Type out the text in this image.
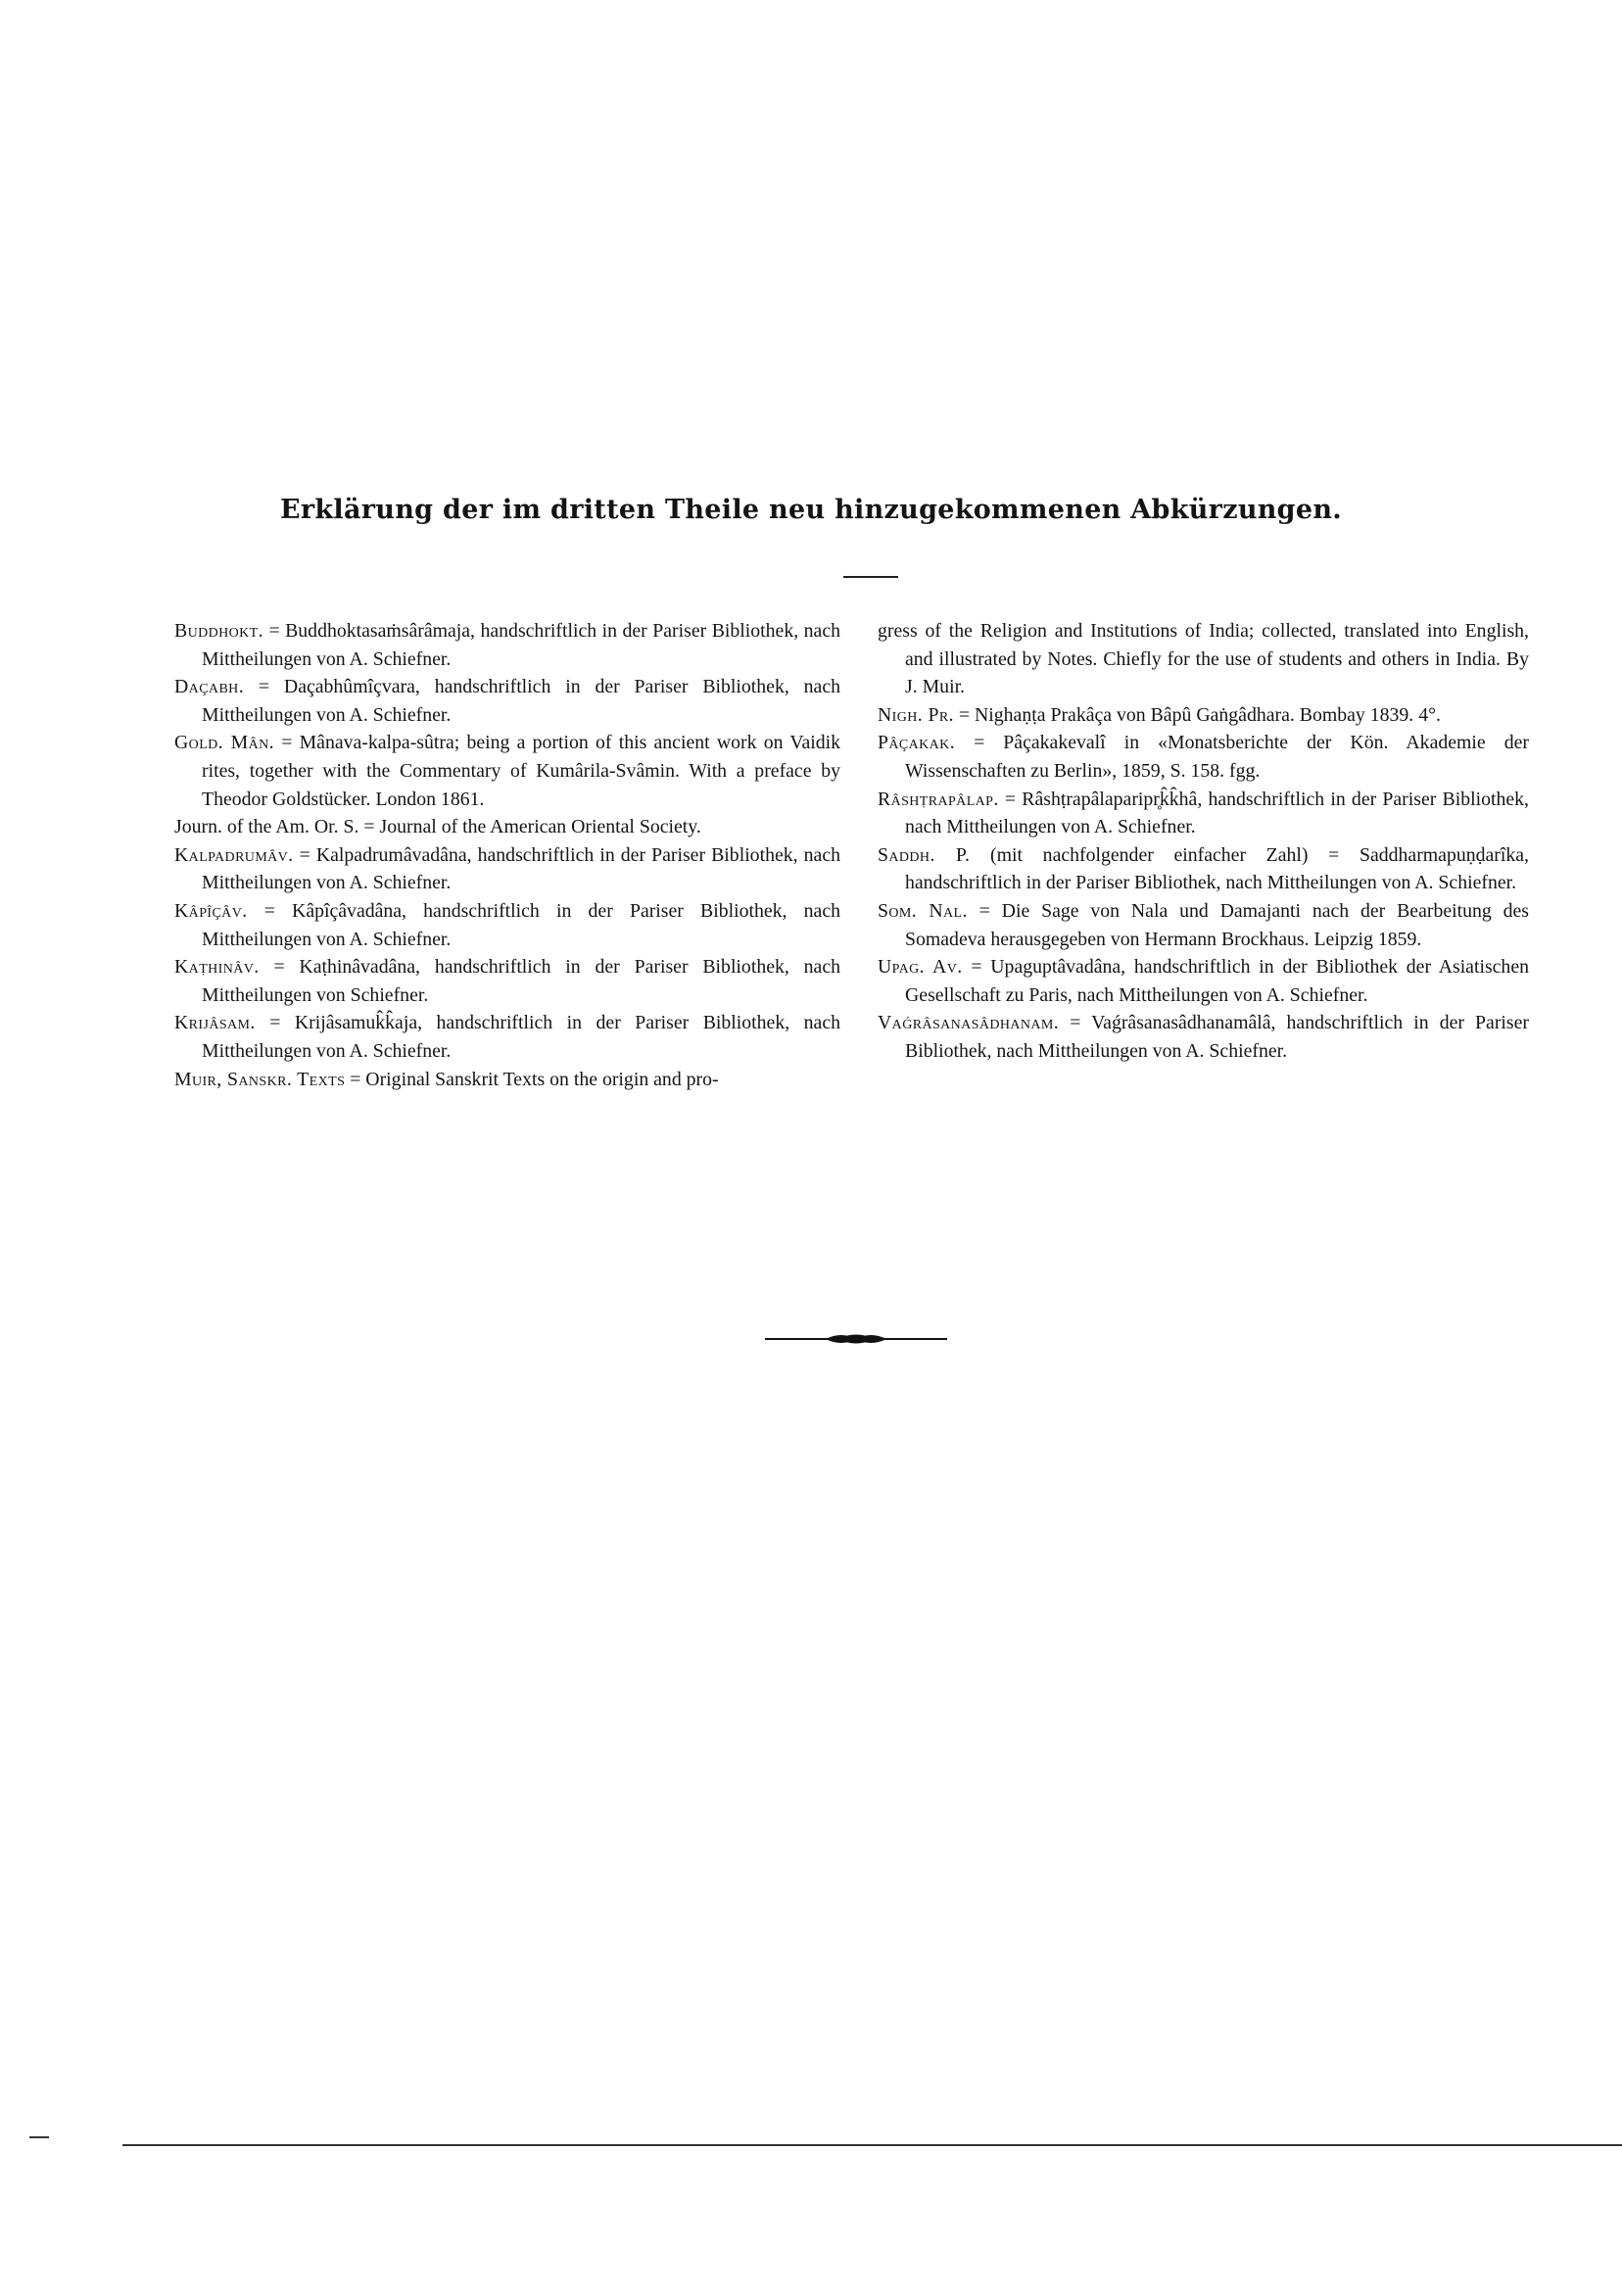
Erklärung der im dritten Theile neu hinzugekommenen Abkürzungen.

Buddhokt. = Buddhoktasaṁsârâmaja, handschriftlich in der Pariser Bibliothek, nach Mittheilungen von A. Schiefner.

Daçabh. = Daçabhûmîçvara, handschriftlich in der Pariser Bibliothek, nach Mittheilungen von A. Schiefner.

Gold. Mân. = Mânava-kalpa-sûtra; being a portion of this ancient work on Vaidik rites, together with the Commentary of Kumârila-Svâmin. With a preface by Theodor Goldstücker. London 1861.

Journ. of the Am. Or. S. = Journal of the American Oriental Society.

Kalpadrumâv. = Kalpadrumâvadâna, handschriftlich in der Pariser Bibliothek, nach Mittheilungen von A. Schiefner.

Kâpîçâv. = Kâpîçâvadâna, handschriftlich in der Pariser Bibliothek, nach Mittheilungen von A. Schiefner.

Kaṭhinâv. = Kaṭhinâvadâna, handschriftlich in der Pariser Bibliothek, nach Mittheilungen von Schiefner.

Krijâsam. = Krijâsamuk̂k̂aja, handschriftlich in der Pariser Bibliothek, nach Mittheilungen von A. Schiefner.

Muir, Sanskr. Texts = Original Sanskrit Texts on the origin and pro-

gress of the Religion and Institutions of India; collected, translated into English, and illustrated by Notes. Chiefly for the use of students and others in India. By J. Muir.

Nigh. Pr. = Nighaṇṭa Prakâça von Bâpû Gaṅgâdhara. Bombay 1839. 4°.

Pâçakak. = Pâçakakevalî in «Monatsberichte der Kön. Akademie der Wissenschaften zu Berlin», 1859, S. 158. fgg.

Râshṭrapâlap. = Râshṭrapâlaparipr̥k̂k̂hâ, handschriftlich in der Pariser Bibliothek, nach Mittheilungen von A. Schiefner.

Saddh. P. (mit nachfolgender einfacher Zahl) = Saddharmapuṇḍarîka, handschriftlich in der Pariser Bibliothek, nach Mittheilungen von A. Schiefner.

Som. Nal. = Die Sage von Nala und Damajanti nach der Bearbeitung des Somadeva herausgegeben von Hermann Brockhaus. Leipzig 1859.

Upag. Av. = Upaguptâvadâna, handschriftlich in der Bibliothek der Asiatischen Gesellschaft zu Paris, nach Mittheilungen von A. Schiefner.

Vaǵrâsanasâdhanam. = Vaǵrâsanasâdhanamâlâ, handschriftlich in der Pariser Bibliothek, nach Mittheilungen von A. Schiefner.
